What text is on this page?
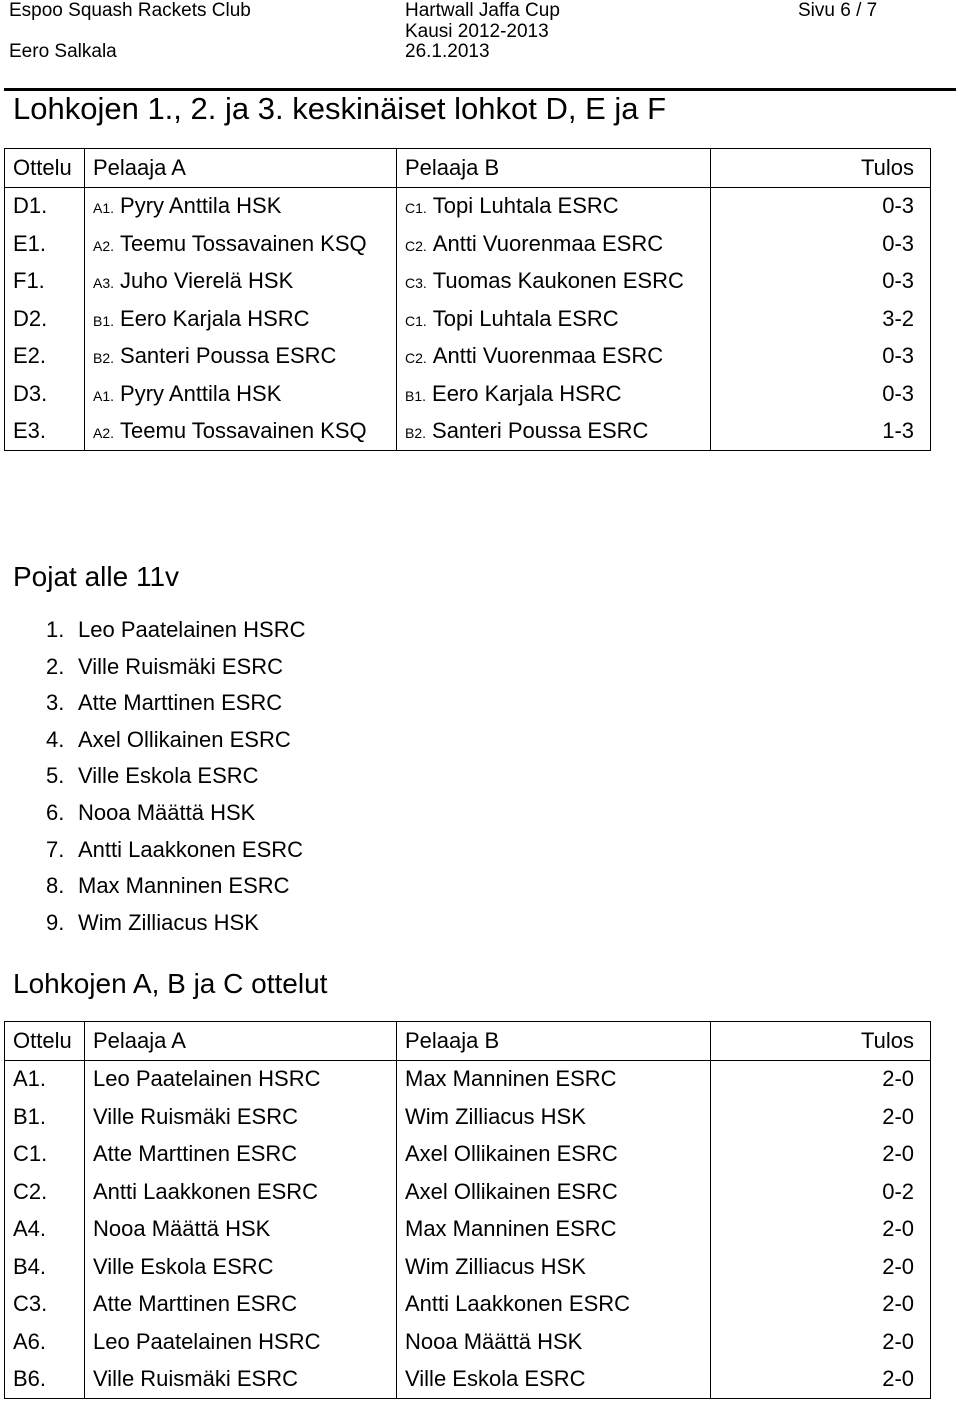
Espoo Squash Rackets Club	Hartwall Jaffa Cup	Sivu 6 / 7
Kausi 2012-2013
Eero Salkala	26.1.2013
Lohkojen 1., 2. ja 3. keskinäiset lohkot D, E ja F
Ottelu	Pelaaja A	Pelaaja B	Tulos
D1.	A1. Pyry Anttila HSK	C1. Topi Luhtala ESRC	0-3
E1.	A2. Teemu Tossavainen KSQ	C2. Antti Vuorenmaa ESRC	0-3
F1.	A3. Juho Vierelä HSK	C3. Tuomas Kaukonen ESRC	0-3
D2.	B1. Eero Karjala HSRC	C1. Topi Luhtala ESRC	3-2
E2.	B2. Santeri Poussa ESRC	C2. Antti Vuorenmaa ESRC	0-3
D3.	A1. Pyry Anttila HSK	B1. Eero Karjala HSRC	0-3
E3.	A2. Teemu Tossavainen KSQ	B2. Santeri Poussa ESRC	1-3
Pojat alle 11v
1. Leo Paatelainen HSRC
2. Ville Ruismäki ESRC
3. Atte Marttinen ESRC
4. Axel Ollikainen ESRC
5. Ville Eskola ESRC
6. Nooa Määttä HSK
7. Antti Laakkonen ESRC
8. Max Manninen ESRC
9. Wim Zilliacus HSK
Lohkojen A, B ja C ottelut
Ottelu	Pelaaja A	Pelaaja B	Tulos
A1.	Leo Paatelainen HSRC	Max Manninen ESRC	2-0
B1.	Ville Ruismäki ESRC	Wim Zilliacus HSK	2-0
C1.	Atte Marttinen ESRC	Axel Ollikainen ESRC	2-0
C2.	Antti Laakkonen ESRC	Axel Ollikainen ESRC	0-2
A4.	Nooa Määttä HSK	Max Manninen ESRC	2-0
B4.	Ville Eskola ESRC	Wim Zilliacus HSK	2-0
C3.	Atte Marttinen ESRC	Antti Laakkonen ESRC	2-0
A6.	Leo Paatelainen HSRC	Nooa Määttä HSK	2-0
B6.	Ville Ruismäki ESRC	Ville Eskola ESRC	2-0
